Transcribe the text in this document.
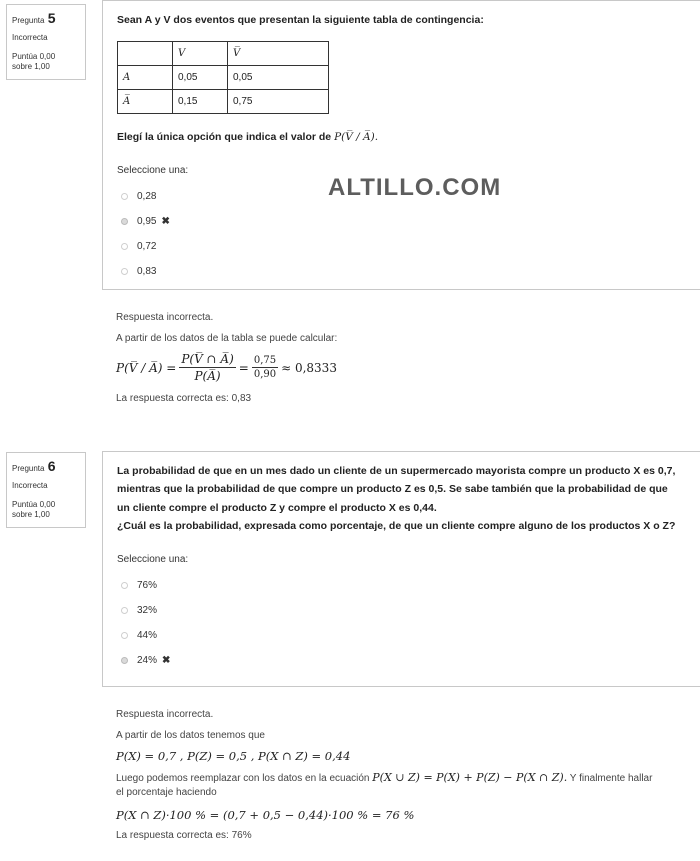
Pregunta 5
Incorrecta
Puntúa 0,00
sobre 1,00
Sean A y V dos eventos que presentan la siguiente tabla de contingencia:
	V	V̅
A	0,05	0,05
A̅	0,15	0,75
Elegí la única opción que indica el valor de P(V̅ / A̅).
Seleccione una:
0,28
0,95 ✖
0,72
0,83
ALTILLO.COM

Respuesta incorrecta.

A partir de los datos de la tabla se puede calcular:

P(V̅ / A̅) = $\frac{P(V̅ \cap A̅)}{P(A̅)} = \frac{0,75}{0,90} \approx 0,8333$

La respuesta correcta es: 0,83

Pregunta 6
Incorrecta
Puntúa 0,00
sobre 1,00
La probabilidad de que en un mes dado un cliente de un supermercado mayorista compre un producto X es 0,7,
mientras que la probabilidad de que compre un producto Z es 0,5. Se sabe también que la probabilidad de que
un cliente compre el producto Z y compre el producto X es 0,44.
¿Cuál es la probabilidad, expresada como porcentaje, de que un cliente compre alguno de los productos X o Z?
Seleccione una:
76%
32%
44%
24% ✖

Respuesta incorrecta.

A partir de los datos tenemos que

P(X) = 0,7 , P(Z) = 0,5 , P(X ∩ Z) = 0,44

Luego podemos reemplazar con los datos en la ecuación P(X ∪ Z) = P(X) + P(Z) − P(X ∩ Z). Y finalmente hallar

el porcentaje haciendo

P(X ∩ Z)·100 % = (0,7 + 0,5 − 0,44)·100 % = 76 %

La respuesta correcta es: 76%
